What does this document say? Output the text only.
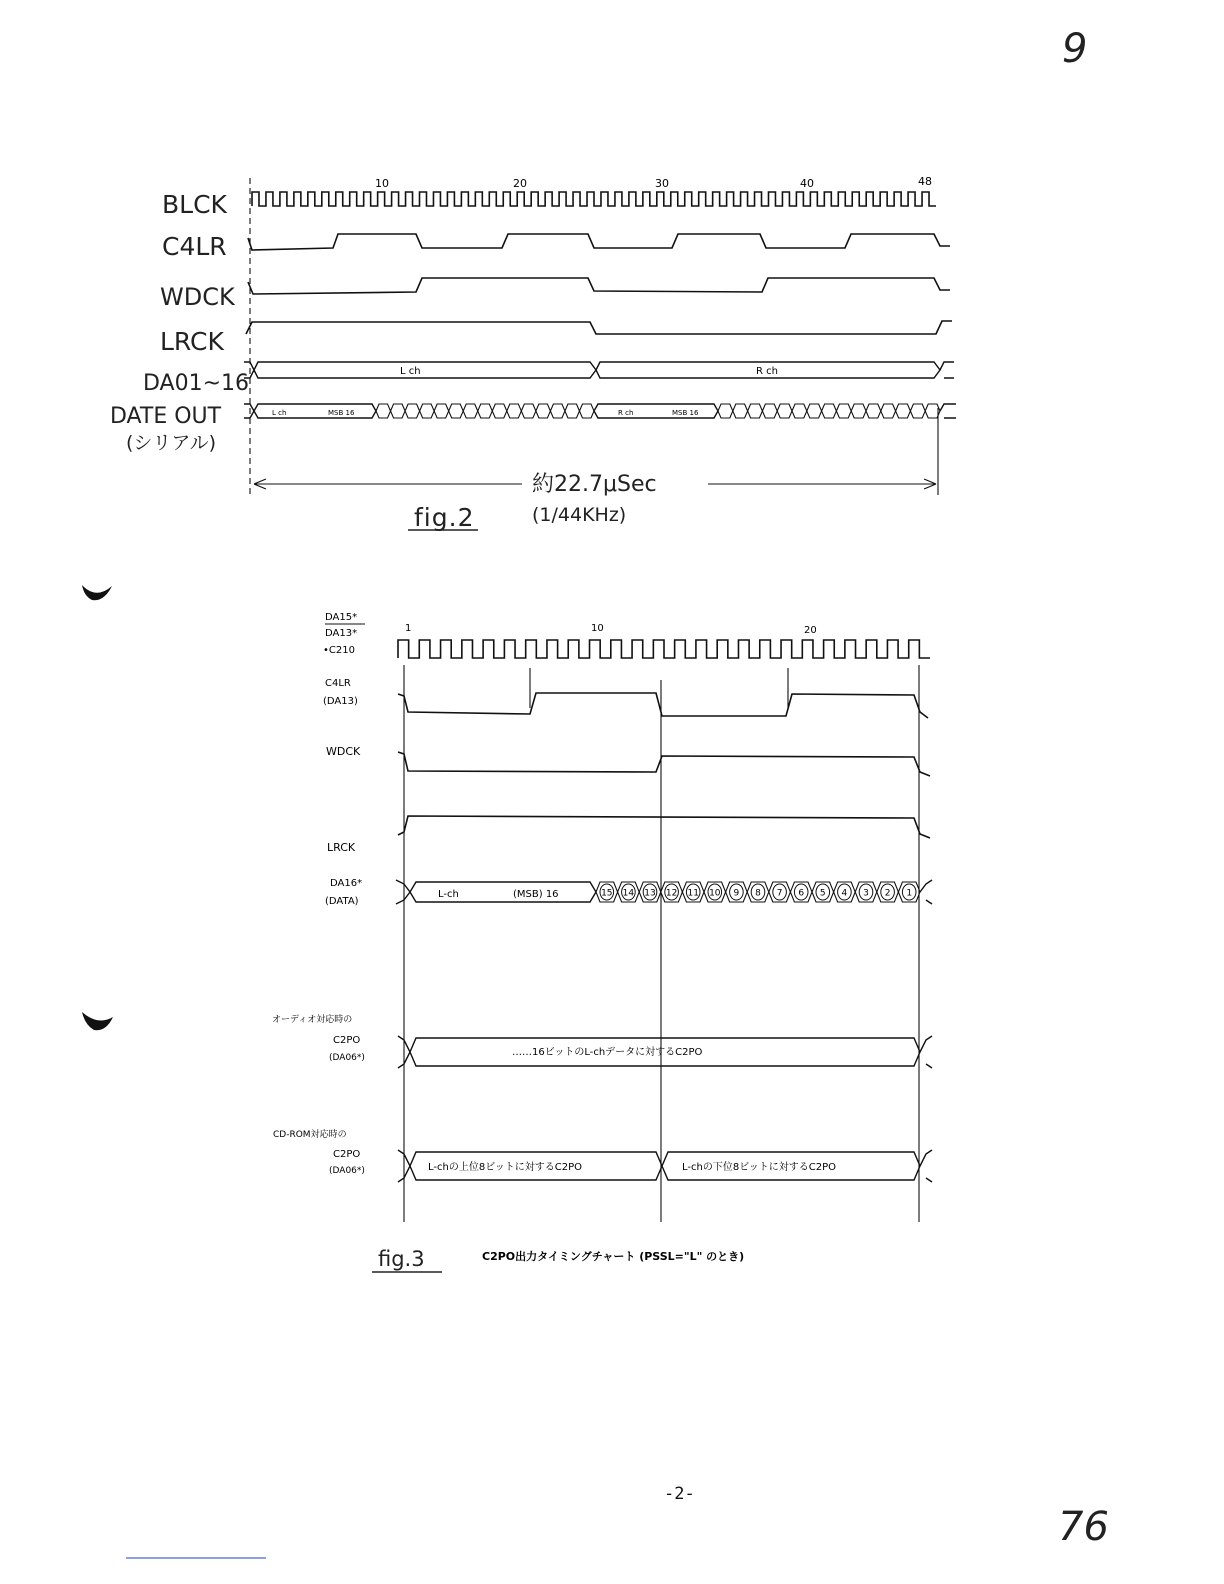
9
76
-2-
BLCK
C4LR
WDCK
LRCK
DA01~16
DATE OUT
(シリアル)
10	20	30	40	48
L ch	R ch
L ch	MSB 16	R ch	MSB 16
約22.7μSec
(1/44KHz)
fig.2
DA15*
DA13*
•C210
C4LR
(DA13)
WDCK
LRCK
DA16*
(DATA)
オーディオ対応時の
C2PO
(DA06*)
CD-ROM対応時の
C2PO
(DA06*)
1	10	20
L-ch	(MSB) 16	15 14 13 12 11 10 9 8 7 6 5 4 3 2 1
……16ビットのL-chデータに対するC2PO
L-chの上位8ビットに対するC2PO	L-chの下位8ビットに対するC2PO
fig.3	C2PO出力タイミングチャート (PSSL="L" のとき)
